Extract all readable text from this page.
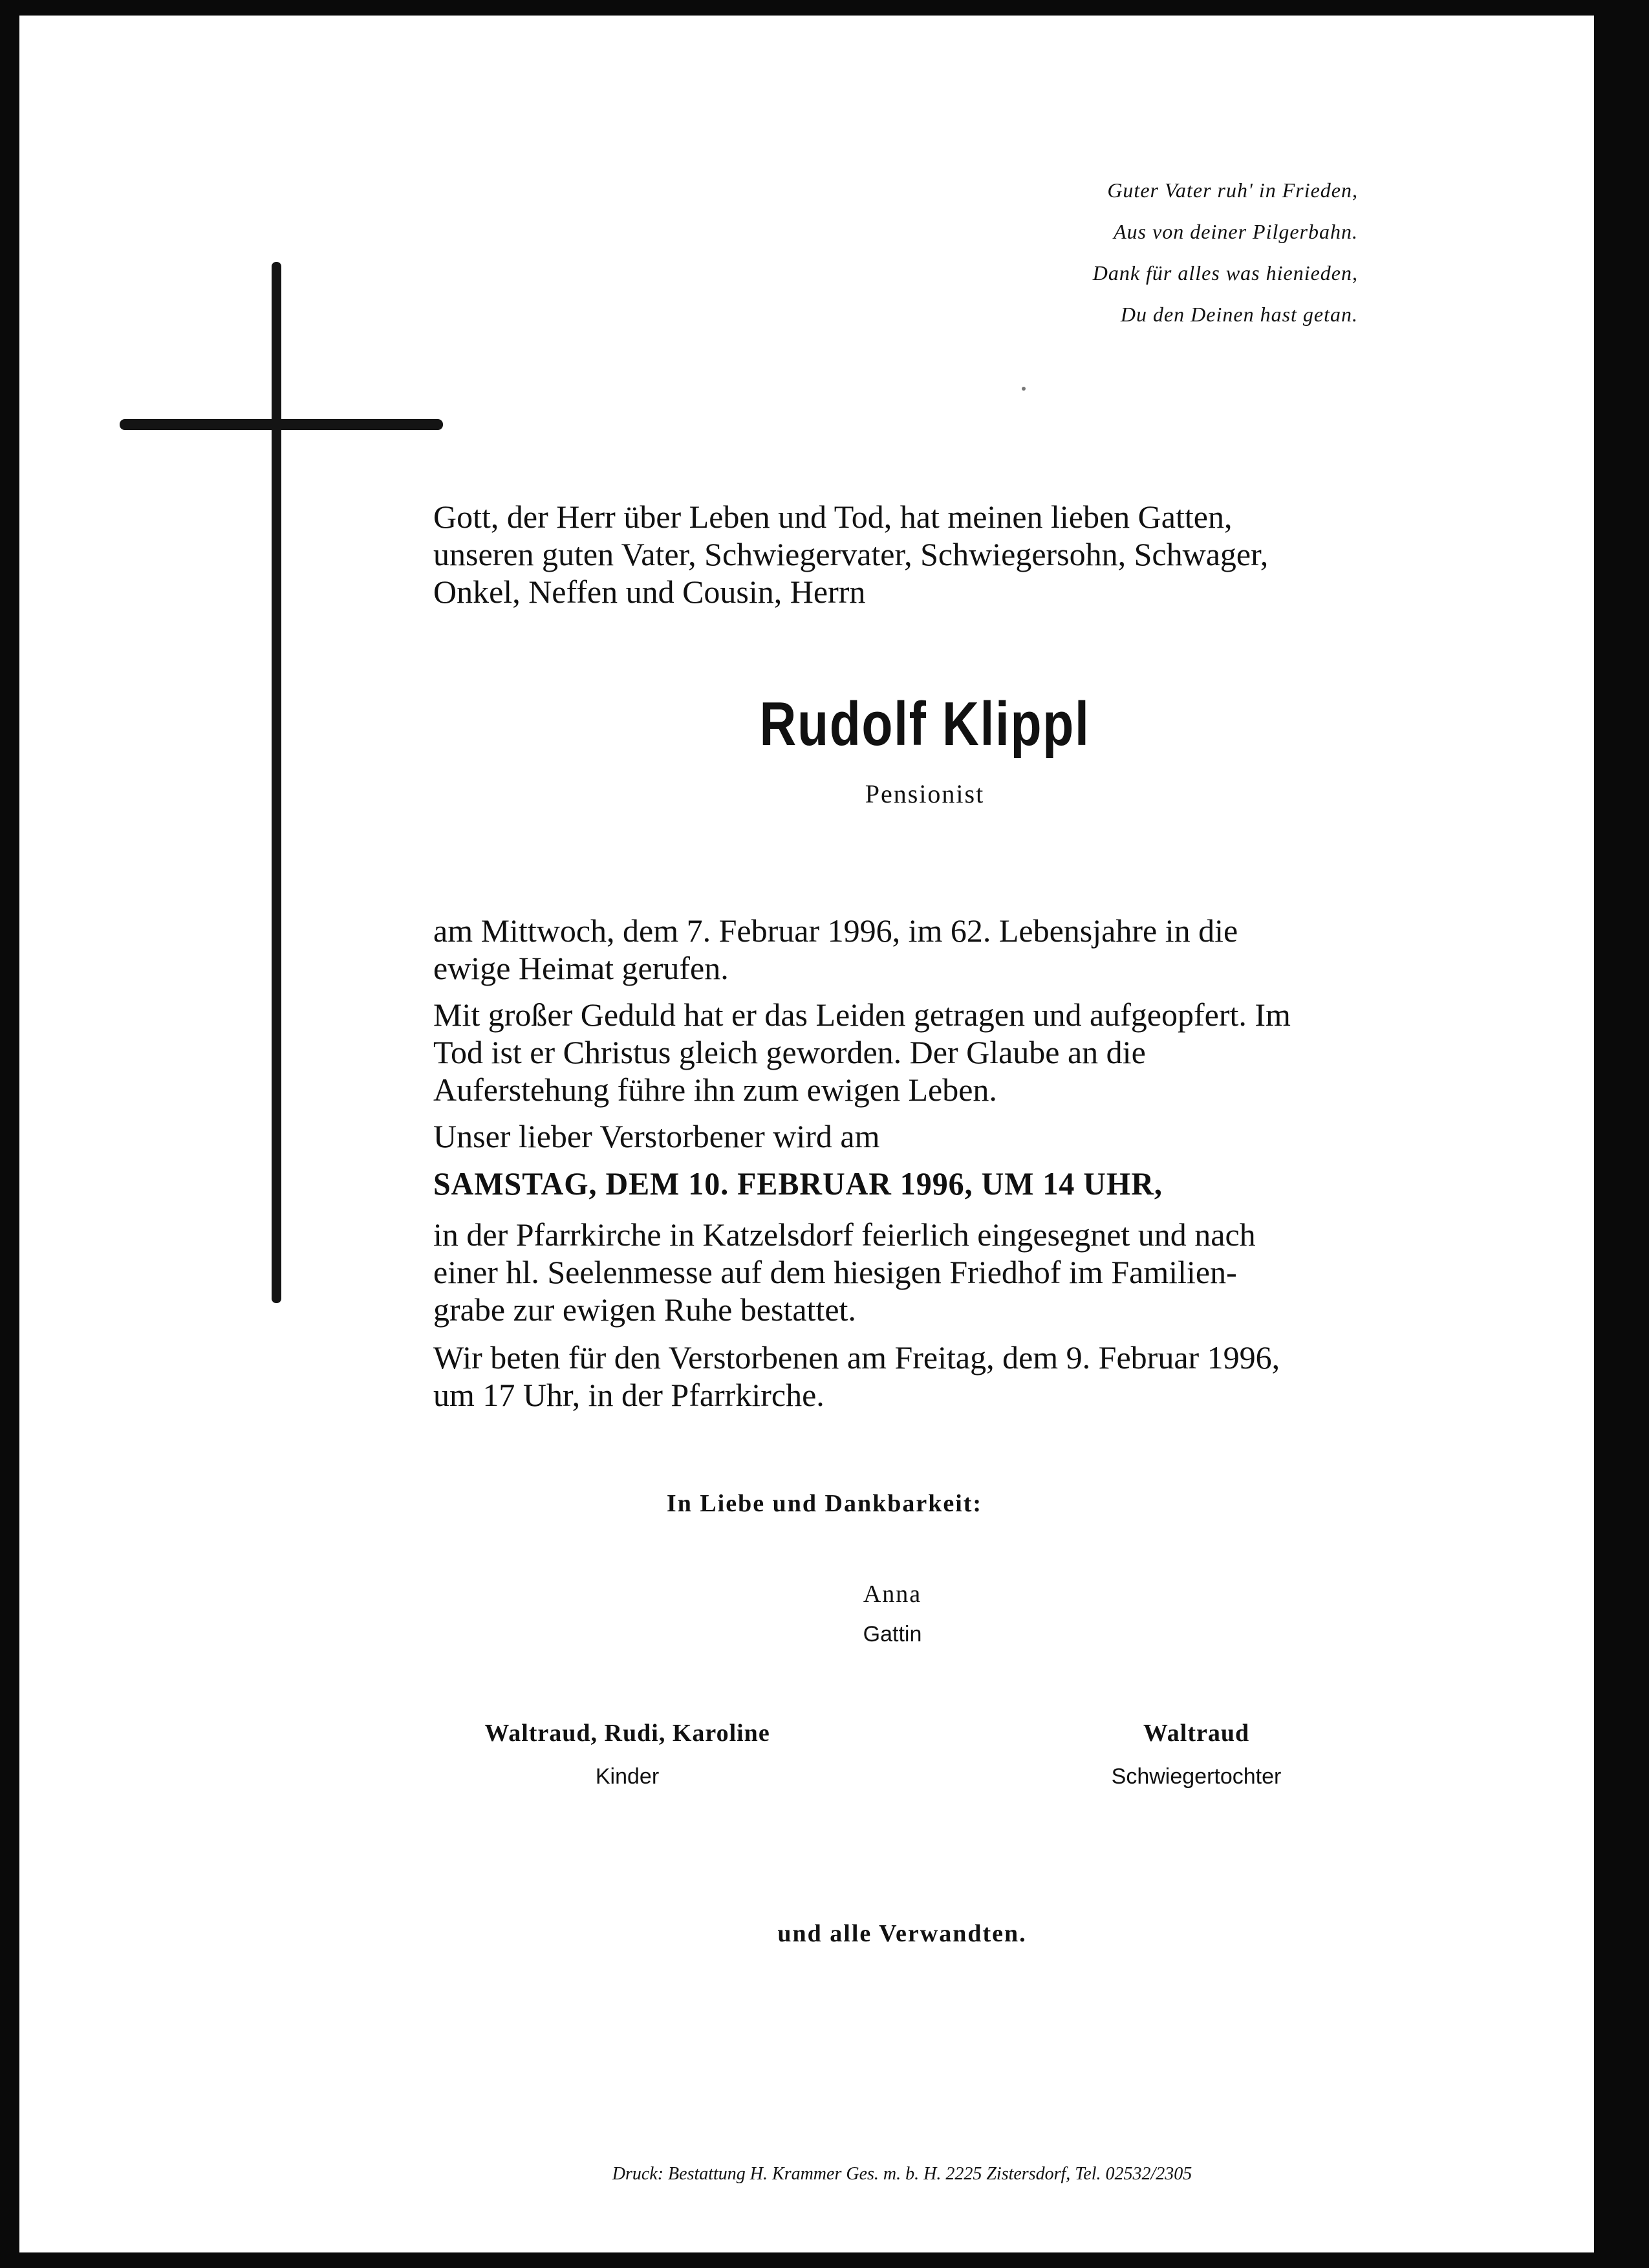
Guter Vater ruh' in Frieden,
Aus von deiner Pilgerbahn.
Dank für alles was hienieden,
Du den Deinen hast getan.
Gott, der Herr über Leben und Tod, hat meinen lieben Gatten,
unseren guten Vater, Schwiegervater, Schwiegersohn, Schwager,
Onkel, Neffen und Cousin, Herrn
Rudolf Klippl
Pensionist
am Mittwoch, dem 7. Februar 1996, im 62. Lebensjahre in die
ewige Heimat gerufen.
Mit großer Geduld hat er das Leiden getragen und aufgeopfert. Im
Tod ist er Christus gleich geworden. Der Glaube an die
Auferstehung führe ihn zum ewigen Leben.
Unser lieber Verstorbener wird am
SAMSTAG, DEM 10. FEBRUAR 1996, UM 14 UHR,
in der Pfarrkirche in Katzelsdorf feierlich eingesegnet und nach
einer hl. Seelenmesse auf dem hiesigen Friedhof im Familien-
grabe zur ewigen Ruhe bestattet.
Wir beten für den Verstorbenen am Freitag, dem 9. Februar 1996,
um 17 Uhr, in der Pfarrkirche.
In Liebe und Dankbarkeit:
Anna
Gattin
Waltraud, Rudi, Karoline
Kinder
Waltraud
Schwiegertochter
und alle Verwandten.
Druck: Bestattung H. Krammer Ges. m. b. H. 2225 Zistersdorf, Tel. 02532/2305
